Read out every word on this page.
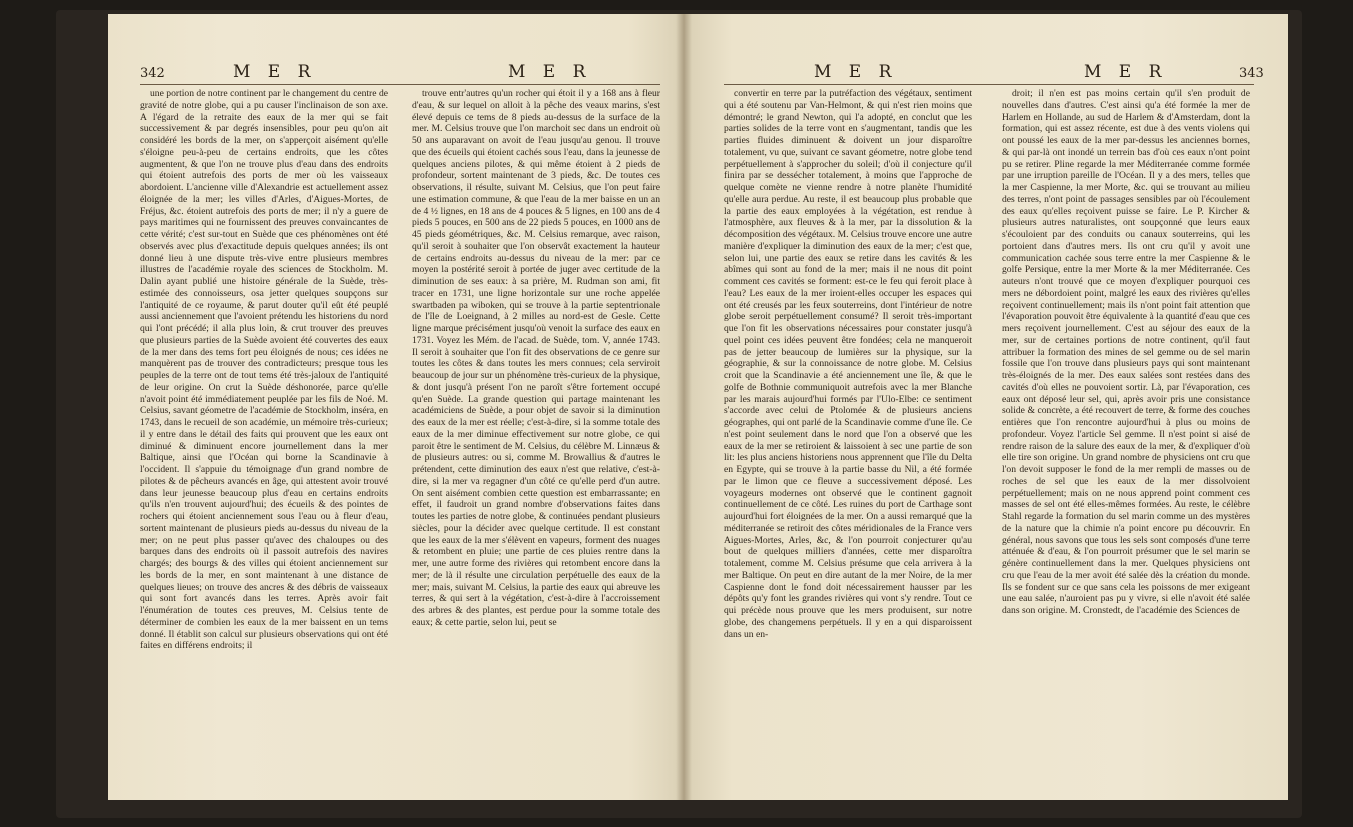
342	M E R	M E R

une portion de notre continent par le changement du centre de gravité de notre globe, qui a pu causer l'inclinaison de son axe. A l'égard de la retraite des eaux de la mer qui se fait successivement & par degrés insensibles, pour peu qu'on ait considéré les bords de la mer, on s'apperçoit aisément qu'elle s'éloigne peu-à-peu de certains endroits, que les côtes augmentent, & que l'on ne trouve plus d'eau dans des endroits qui étoient autrefois des ports de mer où les vaisseaux abordoient. L'ancienne ville d'Alexandrie est actuellement assez éloignée de la mer; les villes d'Arles, d'Aigues-Mortes, de Fréjus, &c. étoient autrefois des ports de mer; il n'y a guere de pays maritimes qui ne fournissent des preuves convaincantes de cette vérité; c'est sur-tout en Suède que ces phénomènes ont été observés avec plus d'exactitude depuis quelques années; ils ont donné lieu à une dispute très-vive entre plusieurs membres illustres de l'académie royale des sciences de Stockholm. M. Dalin ayant publié une histoire générale de la Suède, très-estimée des connoisseurs, osa jetter quelques soupçons sur l'antiquité de ce royaume, & parut douter qu'il eût été peuplé aussi anciennement que l'avoient prétendu les historiens du nord qui l'ont précédé; il alla plus loin, & crut trouver des preuves que plusieurs parties de la Suède avoient été couvertes des eaux de la mer dans des tems fort peu éloignés de nous; ces idées ne manquèrent pas de trouver des contradicteurs; presque tous les peuples de la terre ont de tout tems été très-jaloux de l'antiquité de leur origine. On crut la Suède déshonorée, parce qu'elle n'avoit point été immédiatement peuplée par les fils de Noé. M. Celsius, savant géometre de l'académie de Stockholm, inséra, en 1743, dans le recueil de son académie, un mémoire très-curieux; il y entre dans le détail des faits qui prouvent que les eaux ont diminué & diminuent encore journellement dans la mer Baltique, ainsi que l'Océan qui borne la Scandinavie à l'occident. Il s'appuie du témoignage d'un grand nombre de pilotes & de pêcheurs avancés en âge, qui attestent avoir trouvé dans leur jeunesse beaucoup plus d'eau en certains endroits qu'ils n'en trouvent aujourd'hui; des écueils & des pointes de rochers qui étoient anciennement sous l'eau ou à fleur d'eau, sortent maintenant de plusieurs pieds au-dessus du niveau de la mer; on ne peut plus passer qu'avec des chaloupes ou des barques dans des endroits où il passoit autrefois des navires chargés; des bourgs & des villes qui étoient anciennement sur les bords de la mer, en sont maintenant à une distance de quelques lieues; on trouve des ancres & des débris de vaisseaux qui sont fort avancés dans les terres. Après avoir fait l'énumération de toutes ces preuves, M. Celsius tente de déterminer de combien les eaux de la mer baissent en un tems donné. Il établit son calcul sur plusieurs observations qui ont été faites en différens endroits; il

trouve entr'autres qu'un rocher qui étoit il y a 168 ans à fleur d'eau, & sur lequel on alloit à la pêche des veaux marins, s'est élevé depuis ce tems de 8 pieds au-dessus de la surface de la mer. M. Celsius trouve que l'on marchoit sec dans un endroit où 50 ans auparavant on avoit de l'eau jusqu'au genou. Il trouve que des écueils qui étoient cachés sous l'eau, dans la jeunesse de quelques anciens pilotes, & qui même étoient à 2 pieds de profondeur, sortent maintenant de 3 pieds, &c. De toutes ces observations, il résulte, suivant M. Celsius, que l'on peut faire une estimation commune, & que l'eau de la mer baisse en un an de 4 ½ lignes, en 18 ans de 4 pouces & 5 lignes, en 100 ans de 4 pieds 5 pouces, en 500 ans de 22 pieds 5 pouces, en 1000 ans de 45 pieds géométriques, &c. M. Celsius remarque, avec raison, qu'il seroit à souhaiter que l'on observât exactement la hauteur de certains endroits au-dessus du niveau de la mer: par ce moyen la postérité seroit à portée de juger avec certitude de la diminution de ses eaux: à sa prière, M. Rudman son ami, fit tracer en 1731, une ligne horizontale sur une roche appelée swartbaden pa wiboken, qui se trouve à la partie septentrionale de l'île de Loeignand, à 2 milles au nord-est de Gesle. Cette ligne marque précisément jusqu'où venoit la surface des eaux en 1731. Voyez les Mém. de l'acad. de Suède, tom. V, année 1743. Il seroit à souhaiter que l'on fit des observations de ce genre sur toutes les côtes & dans toutes les mers connues; cela serviroit beaucoup de jour sur un phénomène très-curieux de la physique, & dont jusqu'à présent l'on ne paroît s'être fortement occupé qu'en Suède. La grande question qui partage maintenant les académiciens de Suède, a pour objet de savoir si la diminution des eaux de la mer est réelle; c'est-à-dire, si la somme totale des eaux de la mer diminue effectivement sur notre globe, ce qui paroit être le sentiment de M. Celsius, du célèbre M. Linnæus & de plusieurs autres: ou si, comme M. Browallius & d'autres le prétendent, cette diminution des eaux n'est que relative, c'est-à-dire, si la mer va regagner d'un côté ce qu'elle perd d'un autre. On sent aisément combien cette question est embarrassante; en effet, il faudroit un grand nombre d'observations faites dans toutes les parties de notre globe, & continuées pendant plusieurs siècles, pour la décider avec quelque certitude. Il est constant que les eaux de la mer s'élèvent en vapeurs, forment des nuages & retombent en pluie; une partie de ces pluies rentre dans la mer, une autre forme des rivières qui retombent encore dans la mer; de là il résulte une circulation perpétuelle des eaux de la mer; mais, suivant M. Celsius, la partie des eaux qui abreuve les terres, & qui sert à la végétation, c'est-à-dire à l'accroissement des arbres & des plantes, est perdue pour la somme totale des eaux; & cette partie, selon lui, peut se

M E R	M E R	343

convertir en terre par la putréfaction des végétaux, sentiment qui a été soutenu par Van-Helmont, & qui n'est rien moins que démontré; le grand Newton, qui l'a adopté, en conclut que les parties solides de la terre vont en s'augmentant, tandis que les parties fluides diminuent & doivent un jour disparoître totalement, vu que, suivant ce savant géometre, notre globe tend perpétuellement à s'approcher du soleil; d'où il conjecture qu'il finira par se dessécher totalement, à moins que l'approche de quelque comète ne vienne rendre à notre planète l'humidité qu'elle aura perdue. Au reste, il est beaucoup plus probable que la partie des eaux employées à la végétation, est rendue à l'atmosphère, aux fleuves & à la mer, par la dissolution & la décomposition des végétaux. M. Celsius trouve encore une autre manière d'expliquer la diminution des eaux de la mer; c'est que, selon lui, une partie des eaux se retire dans les cavités & les abîmes qui sont au fond de la mer; mais il ne nous dit point comment ces cavités se forment: est-ce le feu qui feroit place à l'eau? Les eaux de la mer iroient-elles occuper les espaces qui ont été creusés par les feux souterreins, dont l'intérieur de notre globe seroit perpétuellement consumé? Il seroit très-important que l'on fit les observations nécessaires pour constater jusqu'à quel point ces idées peuvent être fondées; cela ne manqueroit pas de jetter beaucoup de lumières sur la physique, sur la géographie, & sur la connoissance de notre globe. M. Celsius croit que la Scandinavie a été anciennement une île, & que le golfe de Bothnie communiquoit autrefois avec la mer Blanche par les marais aujourd'hui formés par l'Ulo-Elbe: ce sentiment s'accorde avec celui de Ptolomée & de plusieurs anciens géographes, qui ont parlé de la Scandinavie comme d'une île. Ce n'est point seulement dans le nord que l'on a observé que les eaux de la mer se retiroient & laissoient à sec une partie de son lit: les plus anciens historiens nous apprennent que l'île du Delta en Egypte, qui se trouve à la partie basse du Nil, a été formée par le limon que ce fleuve a successivement déposé. Les voyageurs modernes ont observé que le continent gagnoit continuellement de ce côté. Les ruines du port de Carthage sont aujourd'hui fort éloignées de la mer. On a aussi remarqué que la méditerranée se retiroit des côtes méridionales de la France vers Aigues-Mortes, Arles, &c, & l'on pourroit conjecturer qu'au bout de quelques milliers d'années, cette mer disparoîtra totalement, comme M. Celsius présume que cela arrivera à la mer Baltique. On peut en dire autant de la mer Noire, de la mer Caspienne dont le fond doit nécessairement hausser par les dépôts qu'y font les grandes rivières qui vont s'y rendre. Tout ce qui précède nous prouve que les mers produisent, sur notre globe, des changemens perpétuels. Il y en a qui disparoissent dans un en-

droit; il n'en est pas moins certain qu'il s'en produit de nouvelles dans d'autres. C'est ainsi qu'a été formée la mer de Harlem en Hollande, au sud de Harlem & d'Amsterdam, dont la formation, qui est assez récente, est due à des vents violens qui ont poussé les eaux de la mer par-dessus les anciennes bornes, & qui par-là ont inondé un terrein bas d'où ces eaux n'ont point pu se retirer. Pline regarde la mer Méditerranée comme formée par une irruption pareille de l'Océan. Il y a des mers, telles que la mer Caspienne, la mer Morte, &c. qui se trouvant au milieu des terres, n'ont point de passages sensibles par où l'écoulement des eaux qu'elles reçoivent puisse se faire. Le P. Kircher & plusieurs autres naturalistes, ont soupçonné que leurs eaux s'écouloient par des conduits ou canaux souterreins, qui les portoient dans d'autres mers. Ils ont cru qu'il y avoit une communication cachée sous terre entre la mer Caspienne & le golfe Persique, entre la mer Morte & la mer Méditerranée. Ces auteurs n'ont trouvé que ce moyen d'expliquer pourquoi ces mers ne débordoient point, malgré les eaux des rivières qu'elles reçoivent continuellement; mais ils n'ont point fait attention que l'évaporation pouvoit être équivalente à la quantité d'eau que ces mers reçoivent journellement. C'est au séjour des eaux de la mer, sur de certaines portions de notre continent, qu'il faut attribuer la formation des mines de sel gemme ou de sel marin fossile que l'on trouve dans plusieurs pays qui sont maintenant très-éloignés de la mer. Des eaux salées sont restées dans des cavités d'où elles ne pouvoient sortir. Là, par l'évaporation, ces eaux ont déposé leur sel, qui, après avoir pris une consistance solide & concrète, a été recouvert de terre, & forme des couches entières que l'on rencontre aujourd'hui à plus ou moins de profondeur. Voyez l'article Sel gemme. Il n'est point si aisé de rendre raison de la salure des eaux de la mer, & d'expliquer d'où elle tire son origine. Un grand nombre de physiciens ont cru que l'on devoit supposer le fond de la mer rempli de masses ou de roches de sel que les eaux de la mer dissolvoient perpétuellement; mais on ne nous apprend point comment ces masses de sel ont été elles-mêmes formées. Au reste, le célèbre Stahl regarde la formation du sel marin comme un des mystères de la nature que la chimie n'a point encore pu découvrir. En général, nous savons que tous les sels sont composés d'une terre atténuée & d'eau, & l'on pourroit présumer que le sel marin se génère continuellement dans la mer. Quelques physiciens ont cru que l'eau de la mer avoit été salée dès la création du monde. Ils se fondent sur ce que sans cela les poissons de mer exigeant une eau salée, n'auroient pas pu y vivre, si elle n'avoit été salée dans son origine. M. Cronstedt, de l'académie des Sciences de
